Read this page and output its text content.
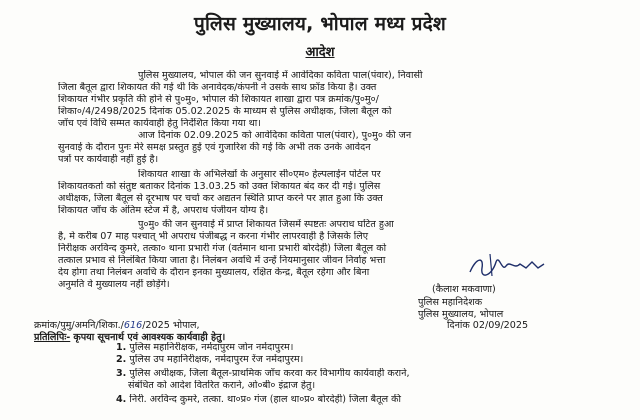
पुलिस मुख्यालय, भोपाल मध्य प्रदेश
आदेश
पुलिस मुख्यालय, भोपाल की जन सुनवाई में आवेदिका कविता पाल(पंवार), निवासी
जिला बैतूल द्वारा शिकायत की गई थी कि अनावेदक/कंपनी ने उसके साथ फ्रॉड किया है। उक्त
शिकायत गंभीर प्रकृति की होने से पु०मु०, भोपाल की शिकायत शाखा द्वारा पत्र क्रमांक/पु०मु०/
शिका०/4/2498/2025 दिनांक 05.02.2025 के माध्यम से पुलिस अधीक्षक, जिला बैतूल को
जाँच एवं विधि सम्मत कार्यवाही हेतु निर्देशित किया गया था।
आज दिनांक 02.09.2025 को आवेदिका कविता पाल(पंवार), पु०मु० की जन
सुनवाई के दौरान पुनः मेरे समक्ष प्रस्तुत हुई एवं गुजारिश की गई कि अभी तक उनके आवेदन
पत्रों पर कार्यवाही नहीं हुई है।
शिकायत शाखा के अभिलेखों के अनुसार सी०एम० हेल्पलाईन पोर्टल पर
शिकायतकर्ता को संतुष्ट बताकर दिनांक 13.03.25 को उक्त शिकायत बंद कर दी गई। पुलिस
अधीक्षक, जिला बैतूल से दूरभाष पर चर्चा कर अद्यतन स्थिति प्राप्त करने पर ज्ञात हुआ कि उक्त
शिकायत जाँच के अंतिम स्टेज में है, अपराध पंजीयन योग्य है।
पु०मु० की जन सुनवाई में प्राप्त शिकायत जिसमें स्पष्टतः अपराध घटित हुआ
है, मे करीब 07 माह पश्चात् भी अपराध पंजीबद्ध न करना गंभीर लापरवाही है जिसके लिए
निरीक्षक अरविन्द कुमरे, तत्का० थाना प्रभारी गंज (वर्तमान थाना प्रभारी बोरदेही) जिला बैतूल को
तत्काल प्रभाव से निलंबित किया जाता है। निलंबन अवधि में उन्हें नियमानुसार जीवन निर्वाह भत्ता
देय होगा तथा निलंबन अवधि के दौरान इनका मुख्यालय, रक्षित केन्द्र, बैतूल रहेगा और बिना
अनुमति वे मुख्यालय नहीं छोड़ेंगे।	(कैलाश मकवाणा)
पुलिस महानिदेशक
पुलिस मुख्यालय, भोपाल
क्रमांक/पुमु/अमनि/शिका./616/2025 भोपाल,	दिनांक 02/09/2025
प्रतिलिपिः- कृपया सूचनार्थ एवं आवश्यक कार्यवाही हेतु।
1. पुलिस महानिरीक्षक, नर्मदापुरम जोन नर्मदापुरम।
2. पुलिस उप महानिरीक्षक, नर्मदापुरम रेंज नर्मदापुरम।
3. पुलिस अधीक्षक, जिला बैतूल-प्राथमिक जाँच करवा कर विभागीय कार्यवाही कराने,
संबंधित को आदेश वितरित कराने, ओ०बी० इंद्राज हेतु।
4. निरी. अरविन्द कुमरे, तत्का. था०प्र० गंज (हाल था०प्र० बोरदेही) जिला बैतूल की
